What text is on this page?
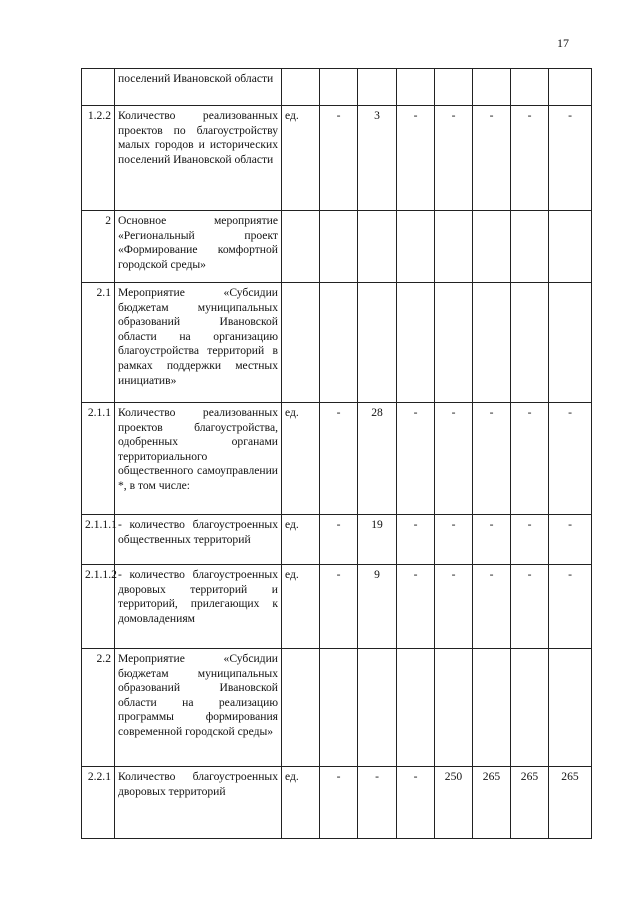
17
	поселений Ивановской области									
1.2.2	Количество реализованных проектов по благоустройству малых городов и исторических поселений Ивановской области	ед.	-	3	-	-	-	-	-	
2	Основное мероприятие «Региональный проект «Формирование комфортной городской среды»									
2.1	Мероприятие «Субсидии бюджетам муниципальных образований Ивановской области на организацию благоустройства территорий в рамках поддержки местных инициатив»									
2.1.1	Количество реализованных проектов благоустройства, одобренных органами территориального общественного самоуправлении *, в том числе:	ед.	-	28	-	-	-	-	-	
2.1.1.1	- количество благоустроенных общественных территорий	ед.	-	19	-	-	-	-	-	
2.1.1.2	- количество благоустроенных дворовых территорий и территорий, прилегающих к домовладениям	ед.	-	9	-	-	-	-	-	
2.2	Мероприятие «Субсидии бюджетам муниципальных образований Ивановской области на реализацию программы формирования современной городской среды»									
2.2.1	Количество благоустроенных дворовых территорий	ед.	-	-	-	250	265	265	265	
